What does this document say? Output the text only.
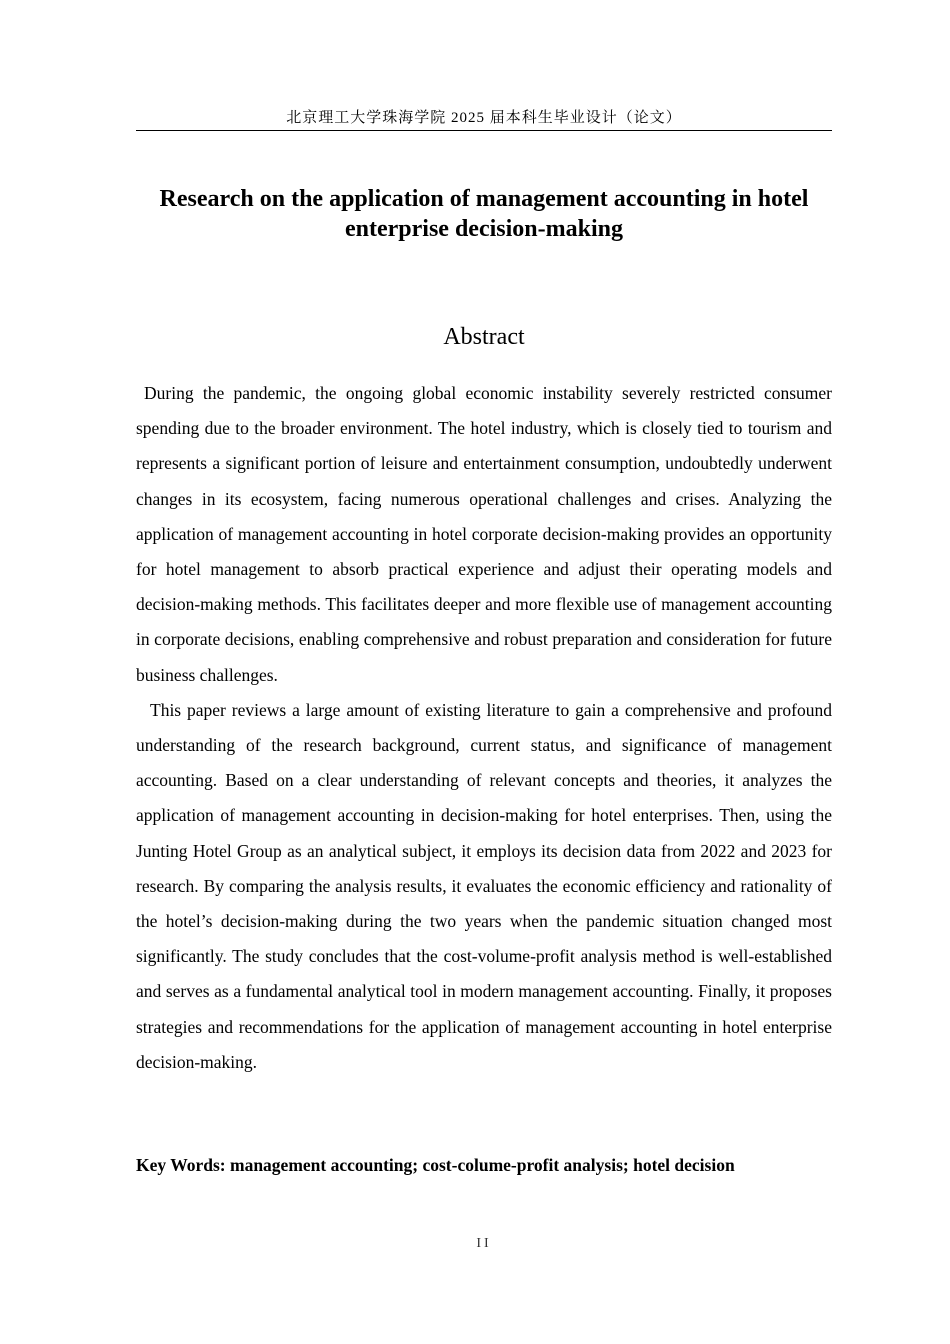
北京理工大学珠海学院 2025 届本科生毕业设计（论文）
Research on the application of management accounting in hotel enterprise decision-making
Abstract

During the pandemic, the ongoing global economic instability severely restricted consumer spending due to the broader environment. The hotel industry, which is closely tied to tourism and represents a significant portion of leisure and entertainment consumption, undoubtedly underwent changes in its ecosystem, facing numerous operational challenges and crises. Analyzing the application of management accounting in hotel corporate decision-making provides an opportunity for hotel management to absorb practical experience and adjust their operating models and decision-making methods. This facilitates deeper and more flexible use of management accounting in corporate decisions, enabling comprehensive and robust preparation and consideration for future business challenges.

This paper reviews a large amount of existing literature to gain a comprehensive and profound understanding of the research background, current status, and significance of management accounting. Based on a clear understanding of relevant concepts and theories, it analyzes the application of management accounting in decision-making for hotel enterprises. Then, using the Junting Hotel Group as an analytical subject, it employs its decision data from 2022 and 2023 for research. By comparing the analysis results, it evaluates the economic efficiency and rationality of the hotel’s decision-making during the two years when the pandemic situation changed most significantly. The study concludes that the cost-volume-profit analysis method is well-established and serves as a fundamental analytical tool in modern management accounting. Finally, it proposes strategies and recommendations for the application of management accounting in hotel enterprise decision-making.

Key Words: management accounting; cost-colume-profit analysis; hotel decision
II
